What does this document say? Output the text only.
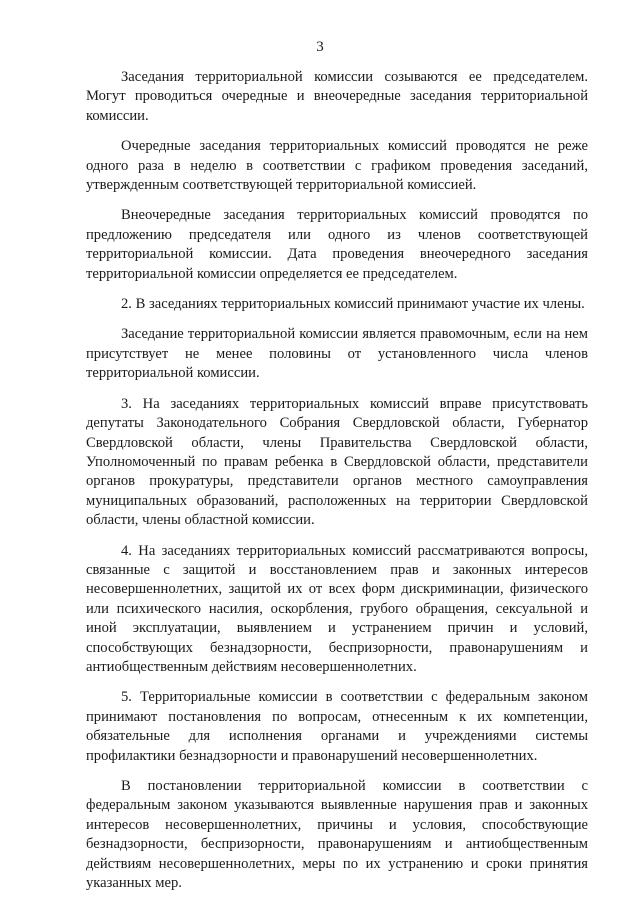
3

Заседания территориальной комиссии созываются ее председателем. Могут проводиться очередные и внеочередные заседания территориальной комиссии.

Очередные заседания территориальных комиссий проводятся не реже одного раза в неделю в соответствии с графиком проведения заседаний, утвержденным соответствующей территориальной комиссией.

Внеочередные заседания территориальных комиссий проводятся по предложению председателя или одного из членов соответствующей территориальной комиссии. Дата проведения внеочередного заседания территориальной комиссии определяется ее председателем.

2. В заседаниях территориальных комиссий принимают участие их члены.

Заседание территориальной комиссии является правомочным, если на нем присутствует не менее половины от установленного числа членов территориальной комиссии.

3. На заседаниях территориальных комиссий вправе присутствовать депутаты Законодательного Собрания Свердловской области, Губернатор Свердловской области, члены Правительства Свердловской области, Уполномоченный по правам ребенка в Свердловской области, представители органов прокуратуры, представители органов местного самоуправления муниципальных образований, расположенных на территории Свердловской области, члены областной комиссии.

4. На заседаниях территориальных комиссий рассматриваются вопросы, связанные с защитой и восстановлением прав и законных интересов несовершеннолетних, защитой их от всех форм дискриминации, физического или психического насилия, оскорбления, грубого обращения, сексуальной и иной эксплуатации, выявлением и устранением причин и условий, способствующих безнадзорности, беспризорности, правонарушениям и антиобщественным действиям несовершеннолетних.

5. Территориальные комиссии в соответствии с федеральным законом принимают постановления по вопросам, отнесенным к их компетенции, обязательные для исполнения органами и учреждениями системы профилактики безнадзорности и правонарушений несовершеннолетних.

В постановлении территориальной комиссии в соответствии с федеральным законом указываются выявленные нарушения прав и законных интересов несовершеннолетних, причины и условия, способствующие безнадзорности, беспризорности, правонарушениям и антиобщественным действиям несовершеннолетних, меры по их устранению и сроки принятия указанных мер.
